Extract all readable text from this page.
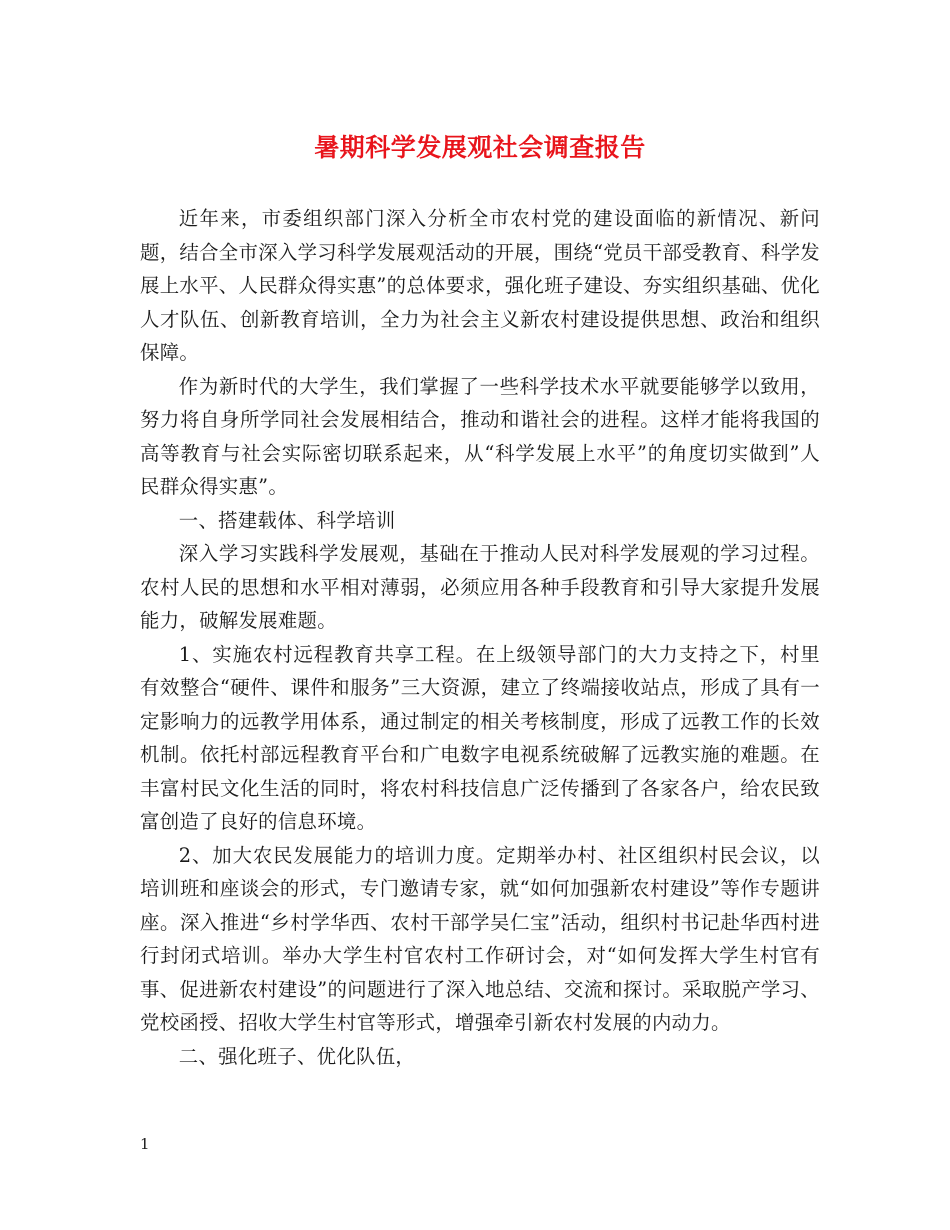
暑期科学发展观社会调查报告

近年来，市委组织部门深入分析全市农村党的建设面临的新情况、新问题，结合全市深入学习科学发展观活动的开展，围绕“党员干部受教育、科学发展上水平、人民群众得实惠”的总体要求，强化班子建设、夯实组织基础、优化人才队伍、创新教育培训，全力为社会主义新农村建设提供思想、政治和组织保障。

作为新时代的大学生，我们掌握了一些科学技术水平就要能够学以致用，努力将自身所学同社会发展相结合，推动和谐社会的进程。这样才能将我国的高等教育与社会实际密切联系起来，从“科学发展上水平”的角度切实做到”人民群众得实惠”。

一、搭建载体、科学培训

深入学习实践科学发展观，基础在于推动人民对科学发展观的学习过程。农村人民的思想和水平相对薄弱，必须应用各种手段教育和引导大家提升发展能力，破解发展难题。

1、实施农村远程教育共享工程。在上级领导部门的大力支持之下，村里有效整合“硬件、课件和服务”三大资源，建立了终端接收站点，形成了具有一定影响力的远教学用体系，通过制定的相关考核制度，形成了远教工作的长效机制。依托村部远程教育平台和广电数字电视系统破解了远教实施的难题。在丰富村民文化生活的同时，将农村科技信息广泛传播到了各家各户，给农民致富创造了良好的信息环境。

2、加大农民发展能力的培训力度。定期举办村、社区组织村民会议，以培训班和座谈会的形式，专门邀请专家，就“如何加强新农村建设”等作专题讲座。深入推进“乡村学华西、农村干部学吴仁宝”活动，组织村书记赴华西村进行封闭式培训。举办大学生村官农村工作研讨会，对“如何发挥大学生村官有事、促进新农村建设”的问题进行了深入地总结、交流和探讨。采取脱产学习、党校函授、招收大学生村官等形式，增强牵引新农村发展的内动力。

二、强化班子、优化队伍，

1
